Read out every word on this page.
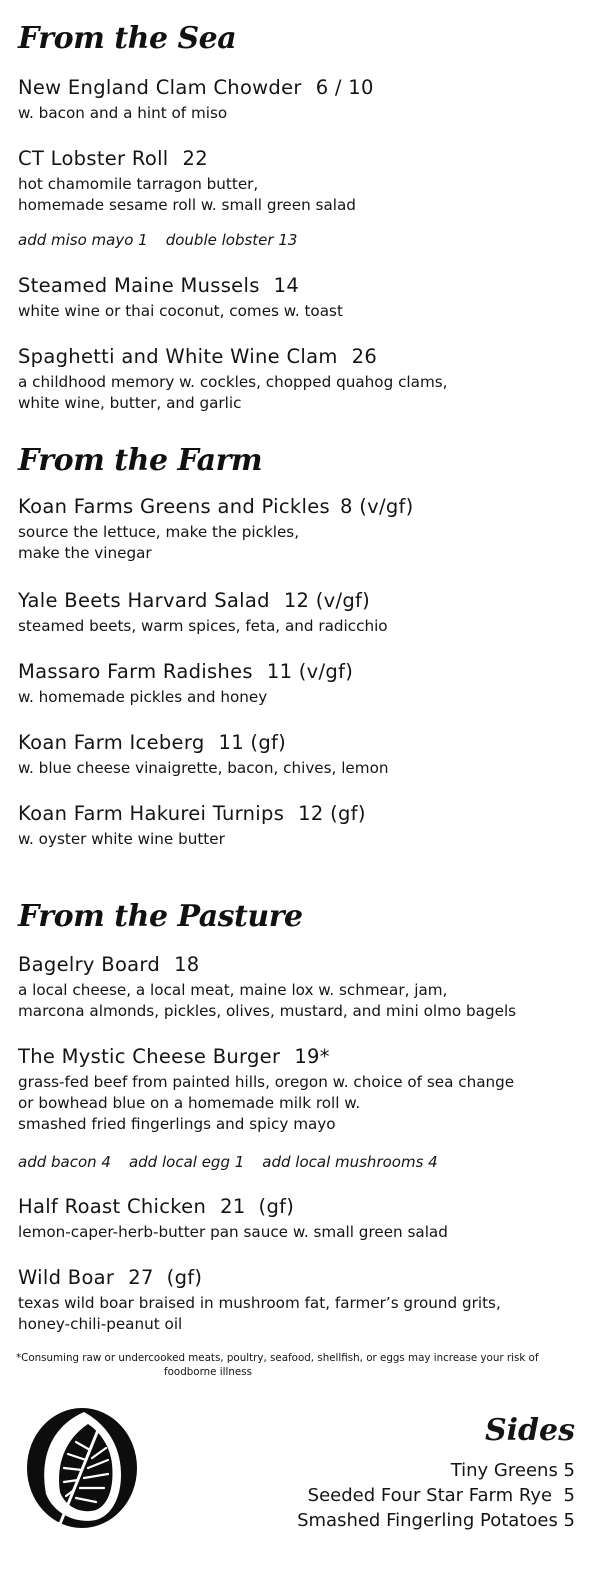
From the Sea
New England Clam Chowder 6 / 10
w. bacon and a hint of miso
CT Lobster Roll 22
hot chamomile tarragon butter,
homemade sesame roll w. small green salad
add miso mayo 1 double lobster 13
Steamed Maine Mussels 14
white wine or thai coconut, comes w. toast
Spaghetti and White Wine Clam 26
a childhood memory w. cockles, chopped quahog clams,
white wine, butter, and garlic
From the Farm
Koan Farms Greens and Pickles 8 (v/gf)
source the lettuce, make the pickles,
make the vinegar
Yale Beets Harvard Salad 12 (v/gf)
steamed beets, warm spices, feta, and radicchio
Massaro Farm Radishes 11 (v/gf)
w. homemade pickles and honey
Koan Farm Iceberg 11 (gf)
w. blue cheese vinaigrette, bacon, chives, lemon
Koan Farm Hakurei Turnips 12 (gf)
w. oyster white wine butter
From the Pasture
Bagelry Board 18
a local cheese, a local meat, maine lox w. schmear, jam,
marcona almonds, pickles, olives, mustard, and mini olmo bagels
The Mystic Cheese Burger 19*
grass-fed beef from painted hills, oregon w. choice of sea change
or bowhead blue on a homemade milk roll w.
smashed fried fingerlings and spicy mayo
add bacon 4 add local egg 1 add local mushrooms 4
Half Roast Chicken 21  (gf)
lemon-caper-herb-butter pan sauce w. small green salad
Wild Boar 27  (gf)
texas wild boar braised in mushroom fat, farmer’s ground grits,
honey-chili-peanut oil
*Consuming raw or undercooked meats, poultry, seafood, shellfish, or eggs may increase your risk of
foodborne illness
Sides
Tiny Greens 5
Seeded Four Star Farm Rye  5
Smashed Fingerling Potatoes 5
